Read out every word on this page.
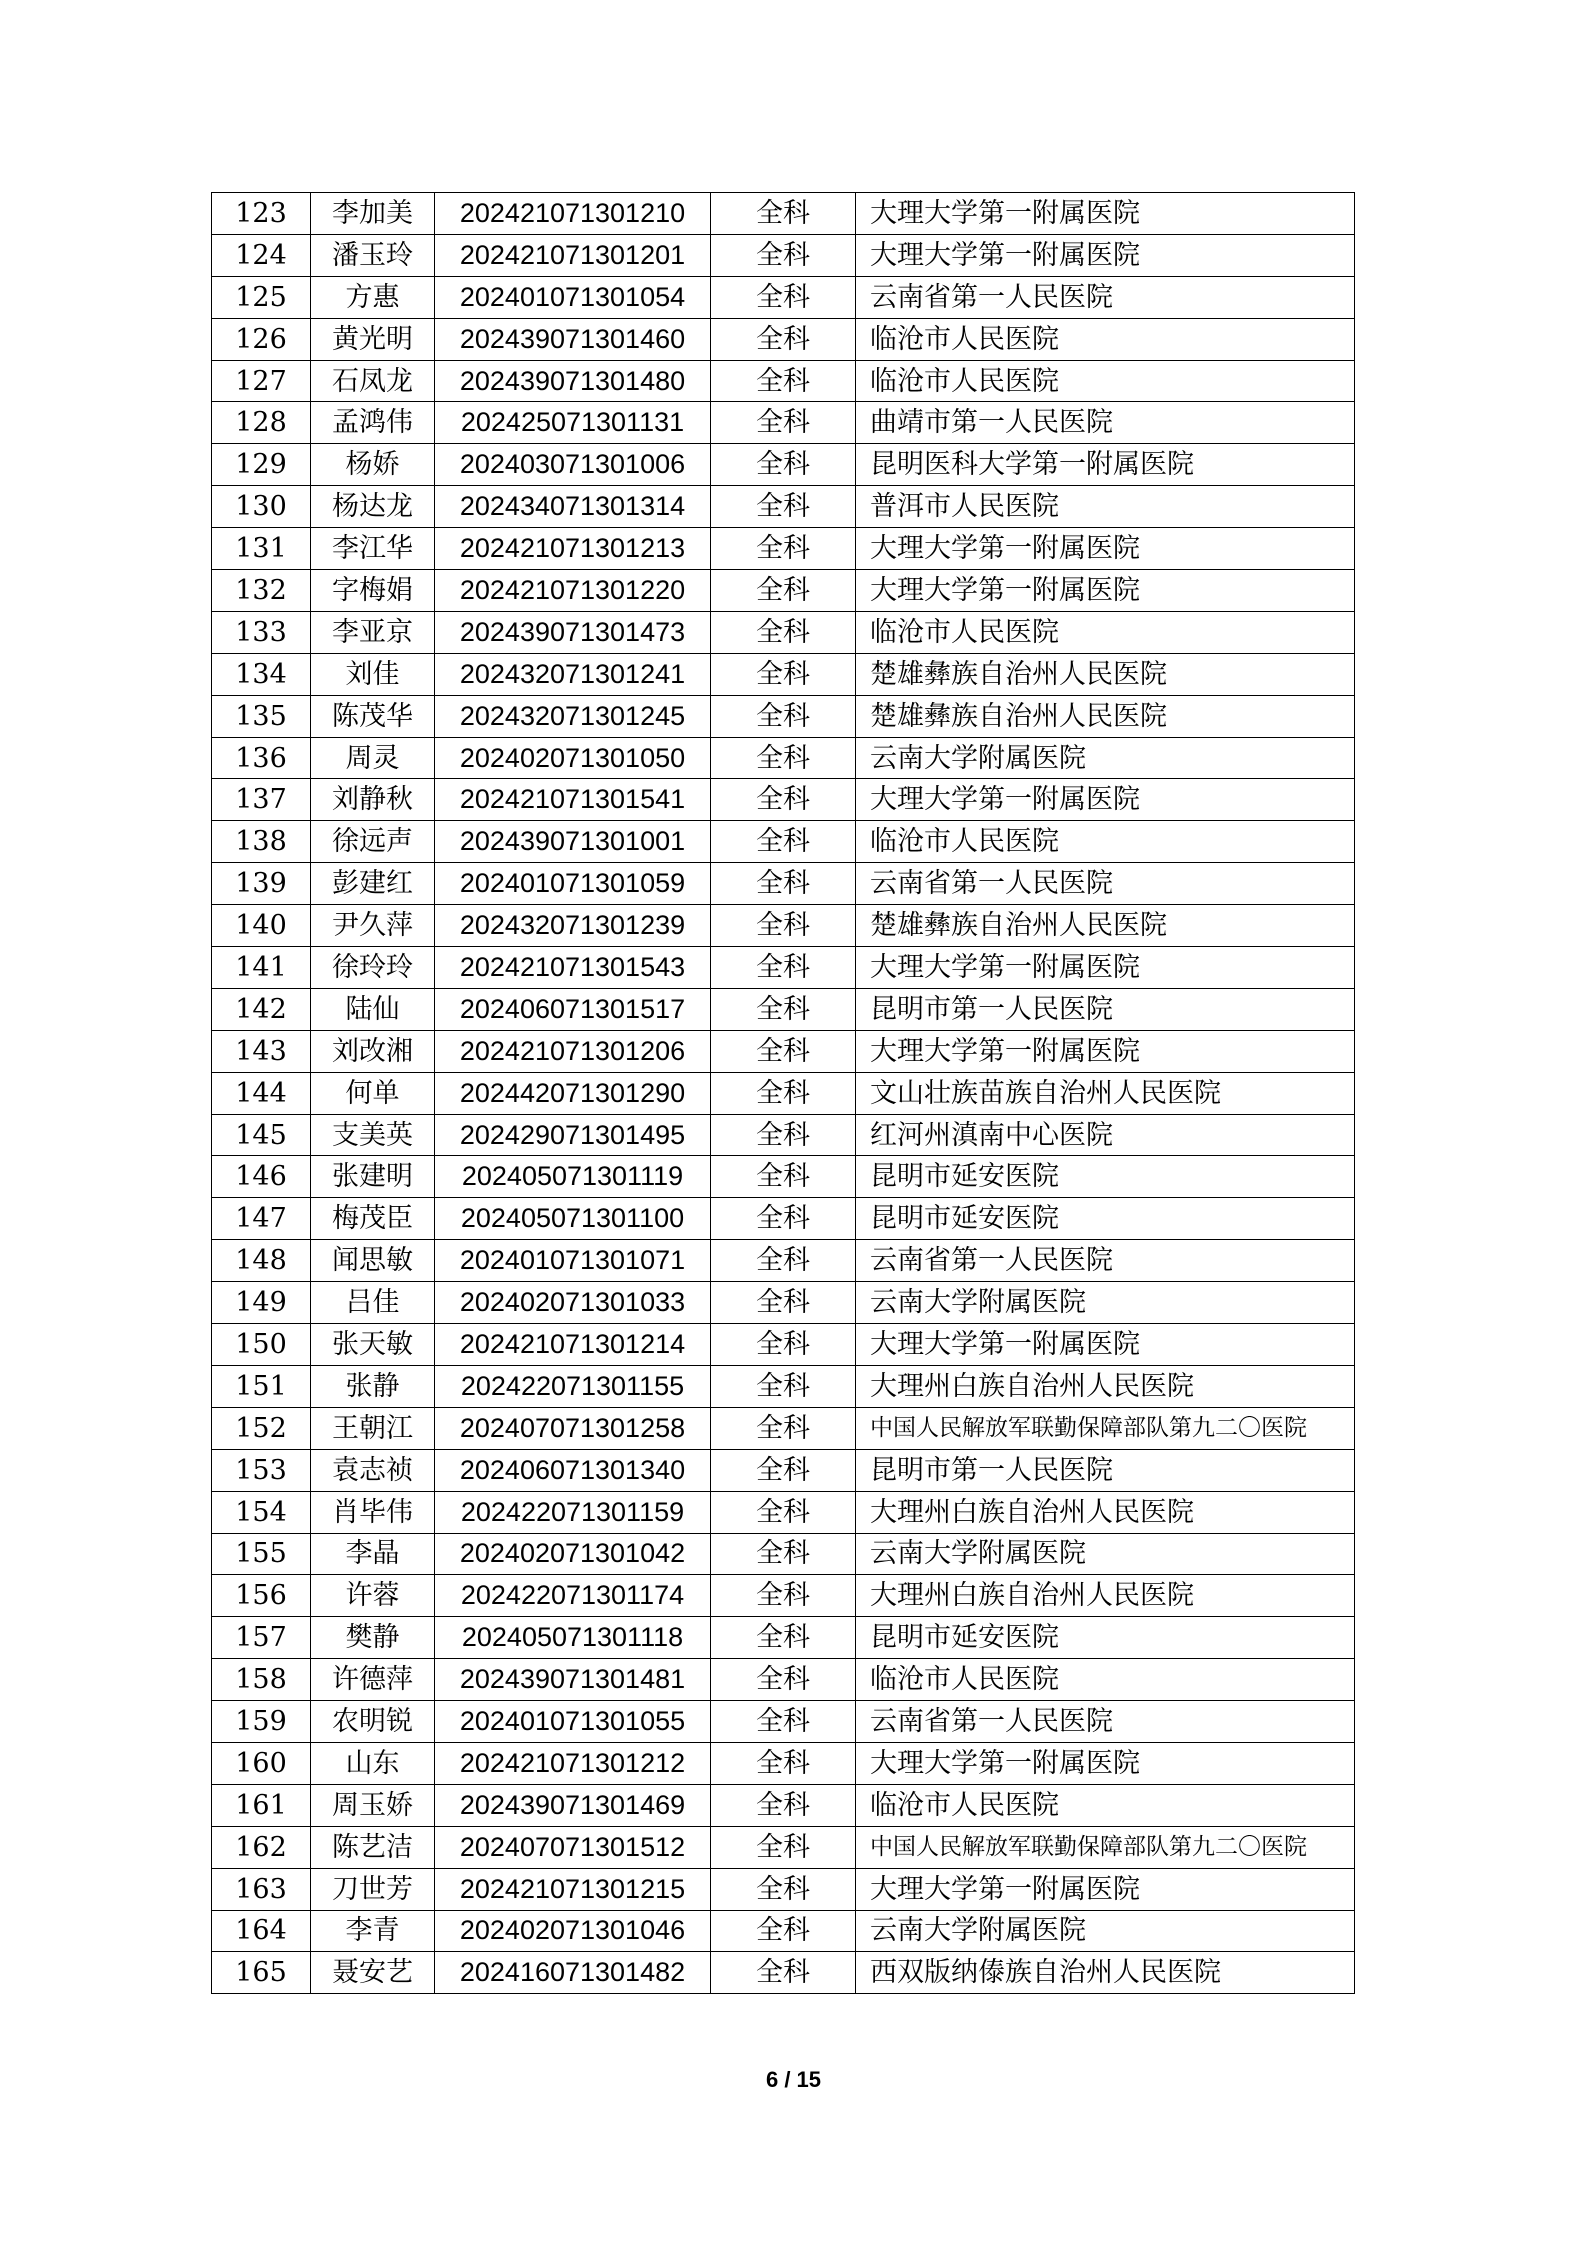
123	李加美	202421071301210	全科	大理大学第一附属医院
124	潘玉玲	202421071301201	全科	大理大学第一附属医院
125	方惠	202401071301054	全科	云南省第一人民医院
126	黄光明	202439071301460	全科	临沧市人民医院
127	石凤龙	202439071301480	全科	临沧市人民医院
128	孟鸿伟	202425071301131	全科	曲靖市第一人民医院
129	杨娇	202403071301006	全科	昆明医科大学第一附属医院
130	杨达龙	202434071301314	全科	普洱市人民医院
131	李江华	202421071301213	全科	大理大学第一附属医院
132	字梅娟	202421071301220	全科	大理大学第一附属医院
133	李亚京	202439071301473	全科	临沧市人民医院
134	刘佳	202432071301241	全科	楚雄彝族自治州人民医院
135	陈茂华	202432071301245	全科	楚雄彝族自治州人民医院
136	周灵	202402071301050	全科	云南大学附属医院
137	刘静秋	202421071301541	全科	大理大学第一附属医院
138	徐远声	202439071301001	全科	临沧市人民医院
139	彭建红	202401071301059	全科	云南省第一人民医院
140	尹久萍	202432071301239	全科	楚雄彝族自治州人民医院
141	徐玲玲	202421071301543	全科	大理大学第一附属医院
142	陆仙	202406071301517	全科	昆明市第一人民医院
143	刘改湘	202421071301206	全科	大理大学第一附属医院
144	何单	202442071301290	全科	文山壮族苗族自治州人民医院
145	支美英	202429071301495	全科	红河州滇南中心医院
146	张建明	202405071301119	全科	昆明市延安医院
147	梅茂臣	202405071301100	全科	昆明市延安医院
148	闻思敏	202401071301071	全科	云南省第一人民医院
149	吕佳	202402071301033	全科	云南大学附属医院
150	张天敏	202421071301214	全科	大理大学第一附属医院
151	张静	202422071301155	全科	大理州白族自治州人民医院
152	王朝江	202407071301258	全科	中国人民解放军联勤保障部队第九二〇医院
153	袁志祯	202406071301340	全科	昆明市第一人民医院
154	肖毕伟	202422071301159	全科	大理州白族自治州人民医院
155	李晶	202402071301042	全科	云南大学附属医院
156	许蓉	202422071301174	全科	大理州白族自治州人民医院
157	樊静	202405071301118	全科	昆明市延安医院
158	许德萍	202439071301481	全科	临沧市人民医院
159	农明锐	202401071301055	全科	云南省第一人民医院
160	山东	202421071301212	全科	大理大学第一附属医院
161	周玉娇	202439071301469	全科	临沧市人民医院
162	陈艺洁	202407071301512	全科	中国人民解放军联勤保障部队第九二〇医院
163	刀世芳	202421071301215	全科	大理大学第一附属医院
164	李青	202402071301046	全科	云南大学附属医院
165	聂安艺	202416071301482	全科	西双版纳傣族自治州人民医院
6 / 15
